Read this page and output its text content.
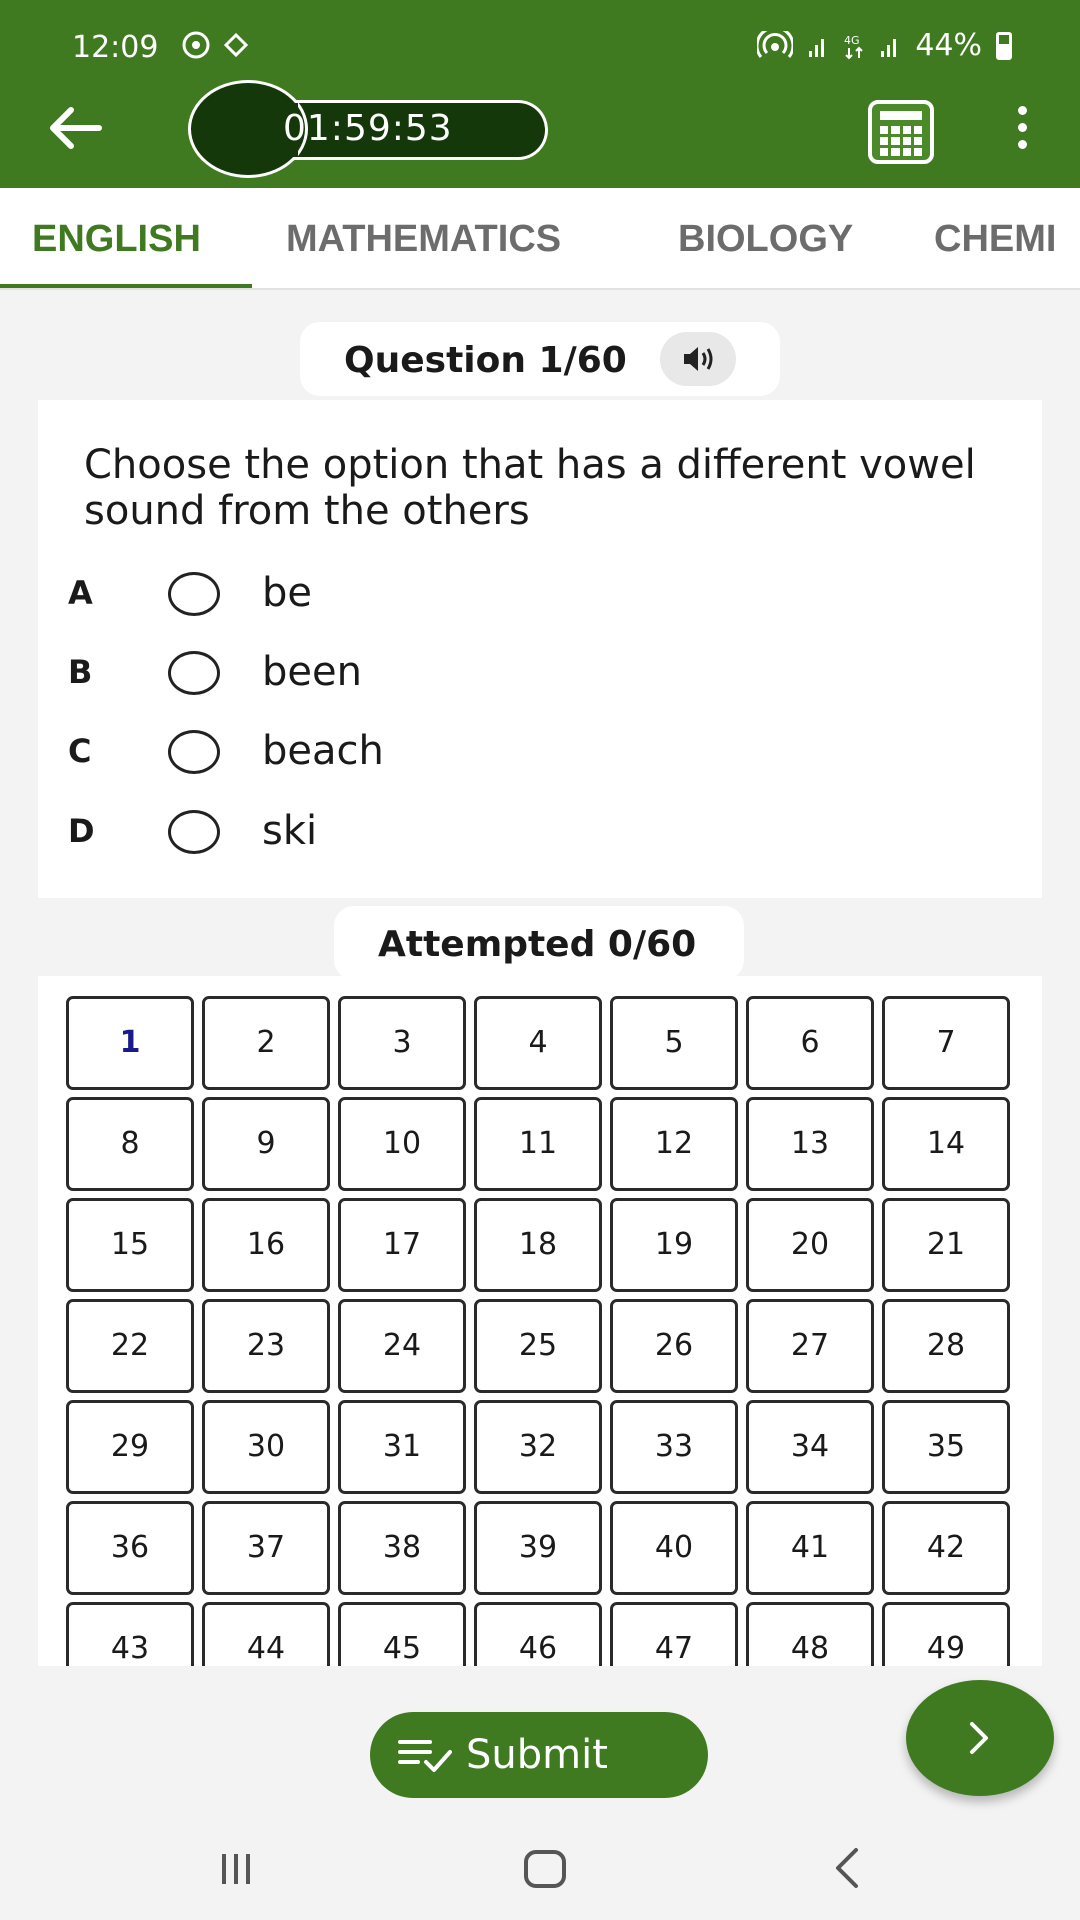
12:09	4G 44%
01:59:53
ENGLISH MATHEMATICS	BIOLOGY CHEMI
Question 1/60
Choose the option that has a different vowel sound from the others
A	be
B	been
C	beach
D	ski
Attempted 0/60
1	2	3	4	5	6	7
8	9	10	11	12	13	14
15	16	17	18	19	20	21
22	23	24	25	26	27	28
29	30	31	32	33	34	35
36	37	38	39	40	41	42
43	44	45	46	47	48	49
Submit
